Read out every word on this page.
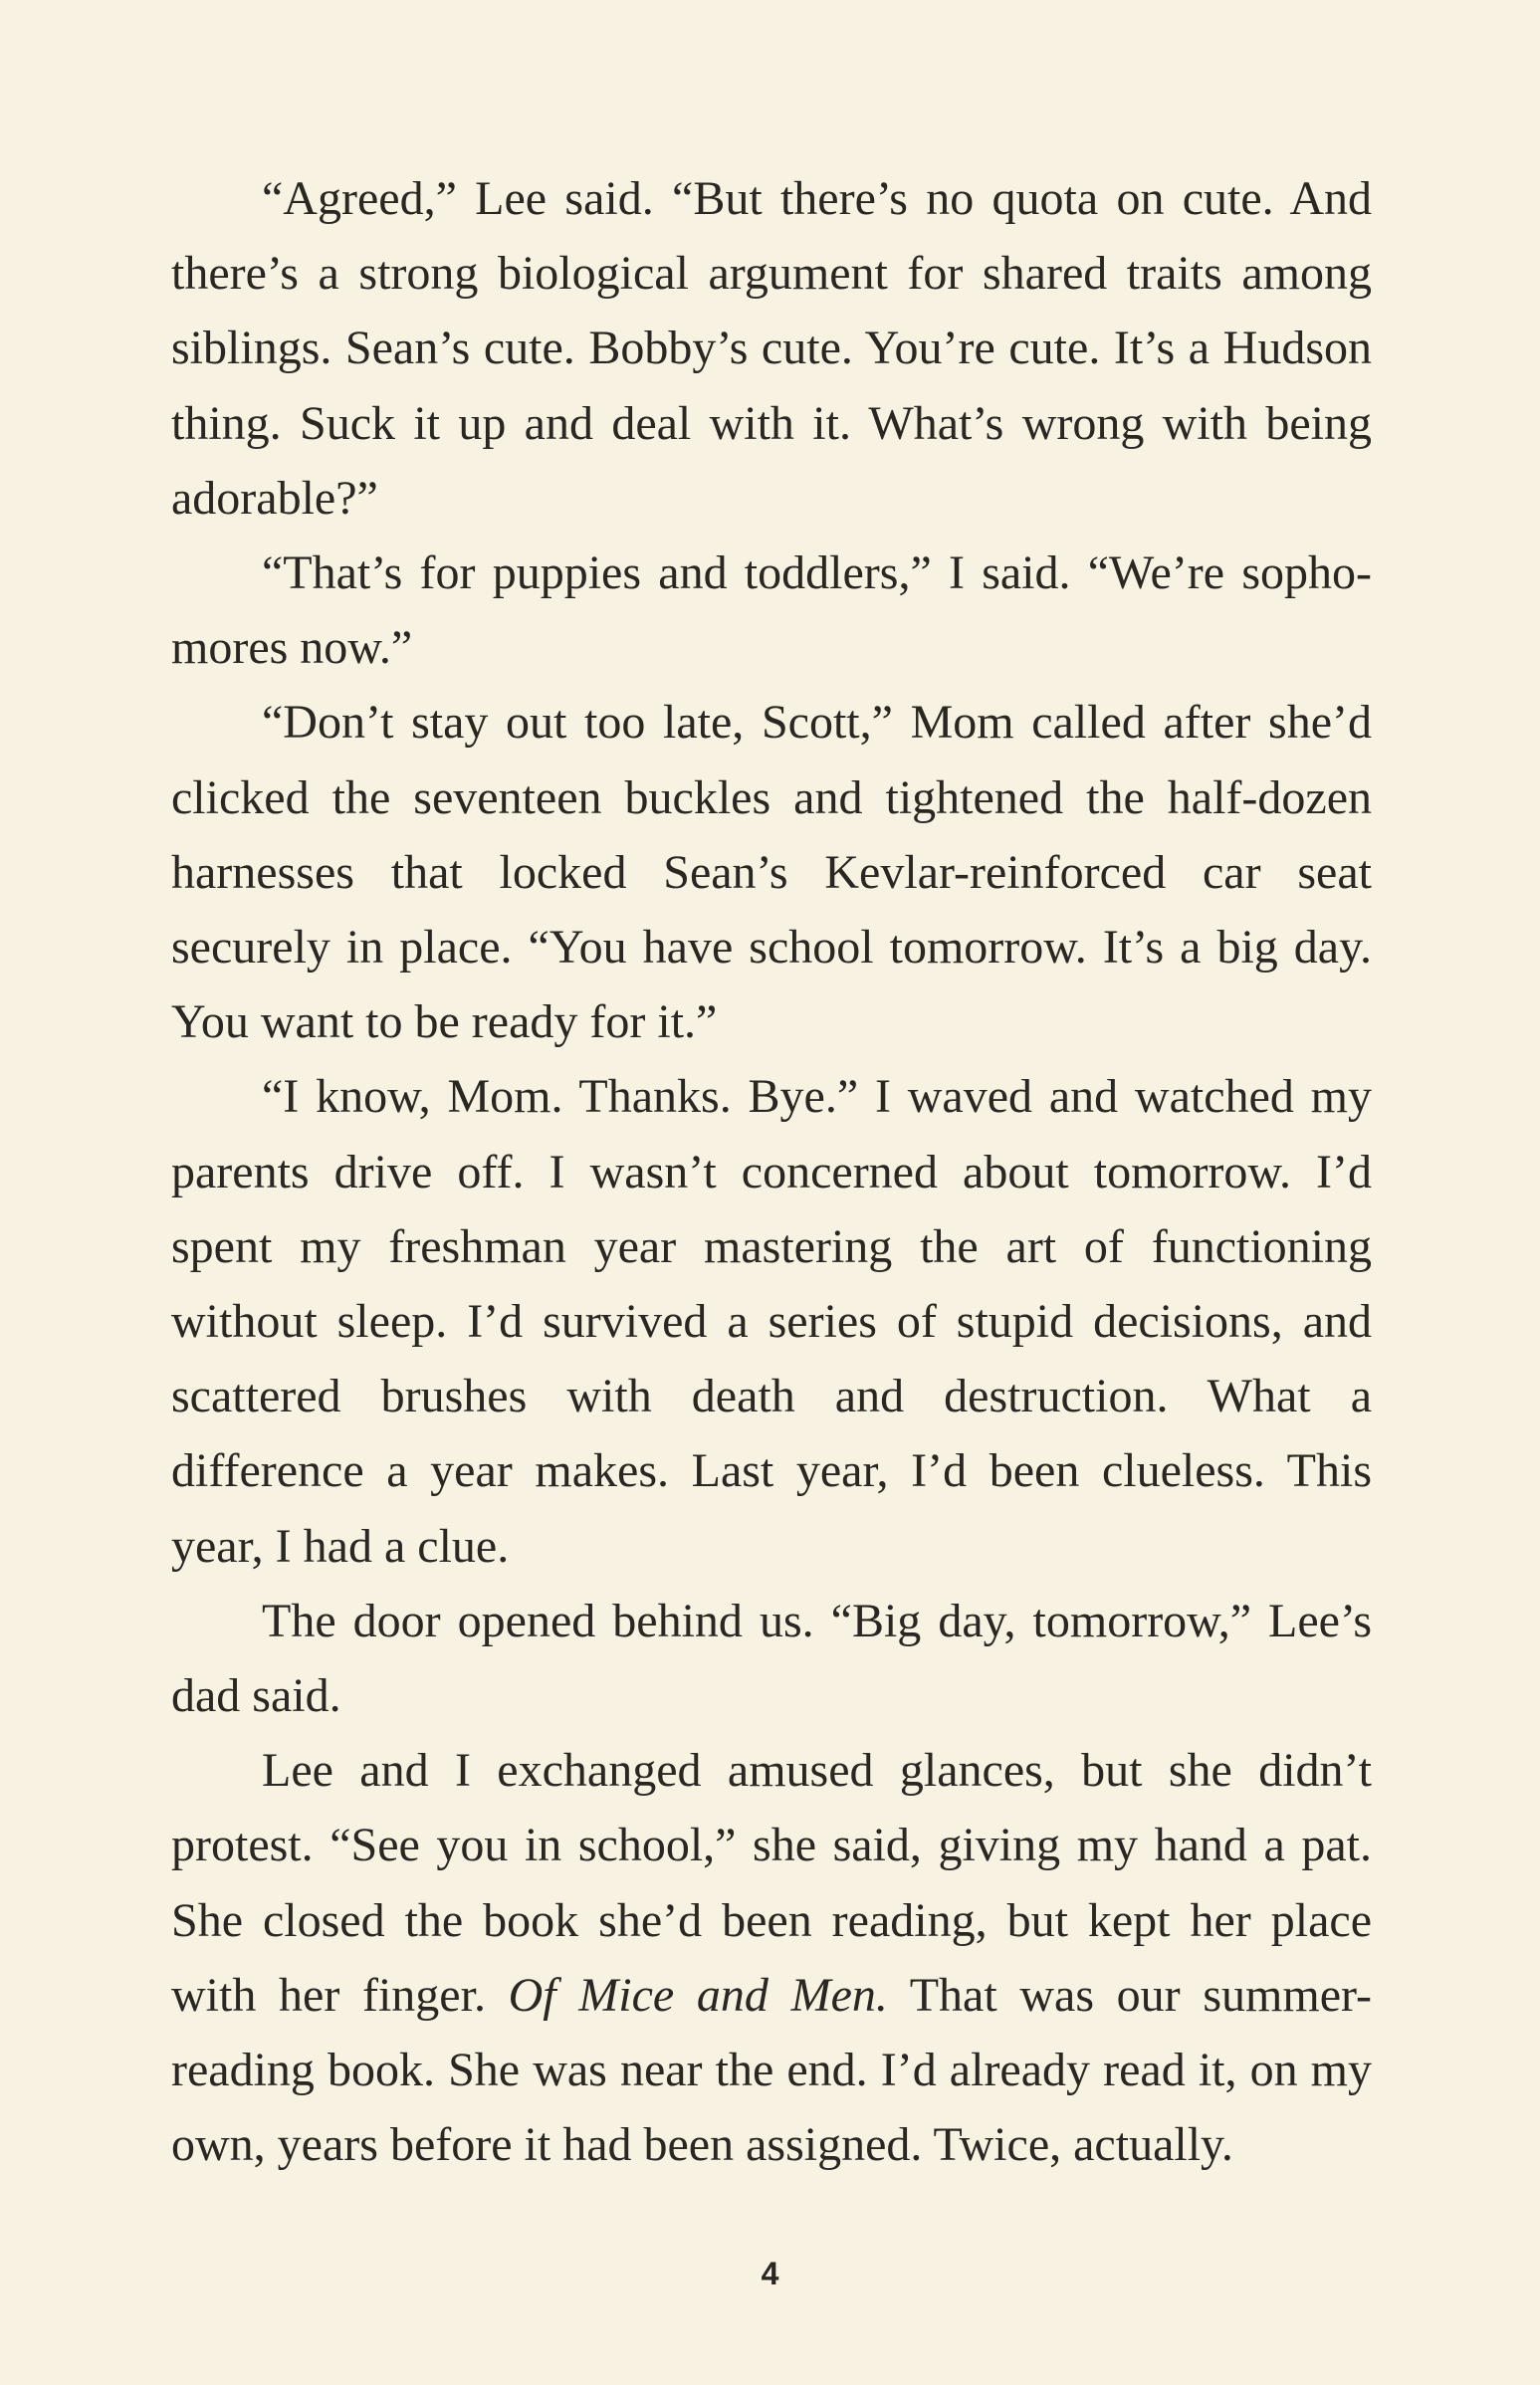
“Agreed,” Lee said. “But there’s no quota on cute. And there’s a strong biological argument for shared traits among siblings. Sean’s cute. Bobby’s cute. You’re cute. It’s a Hudson thing. Suck it up and deal with it. What’s wrong with being adorable?”

“That’s for puppies and toddlers,” I said. “We’re sophomores now.”

“Don’t stay out too late, Scott,” Mom called after she’d clicked the seventeen buckles and tightened the half-dozen harnesses that locked Sean’s Kevlar-reinforced car seat securely in place. “You have school tomorrow. It’s a big day. You want to be ready for it.”

“I know, Mom. Thanks. Bye.” I waved and watched my parents drive off. I wasn’t concerned about tomorrow. I’d spent my freshman year mastering the art of functioning without sleep. I’d survived a series of stupid decisions, and scattered brushes with death and destruction. What a difference a year makes. Last year, I’d been clueless. This year, I had a clue.

The door opened behind us. “Big day, tomorrow,” Lee’s dad said.

Lee and I exchanged amused glances, but she didn’t protest. “See you in school,” she said, giving my hand a pat. She closed the book she’d been reading, but kept her place with her finger. Of Mice and Men. That was our summer-reading book. She was near the end. I’d already read it, on my own, years before it had been assigned. Twice, actually.

4
